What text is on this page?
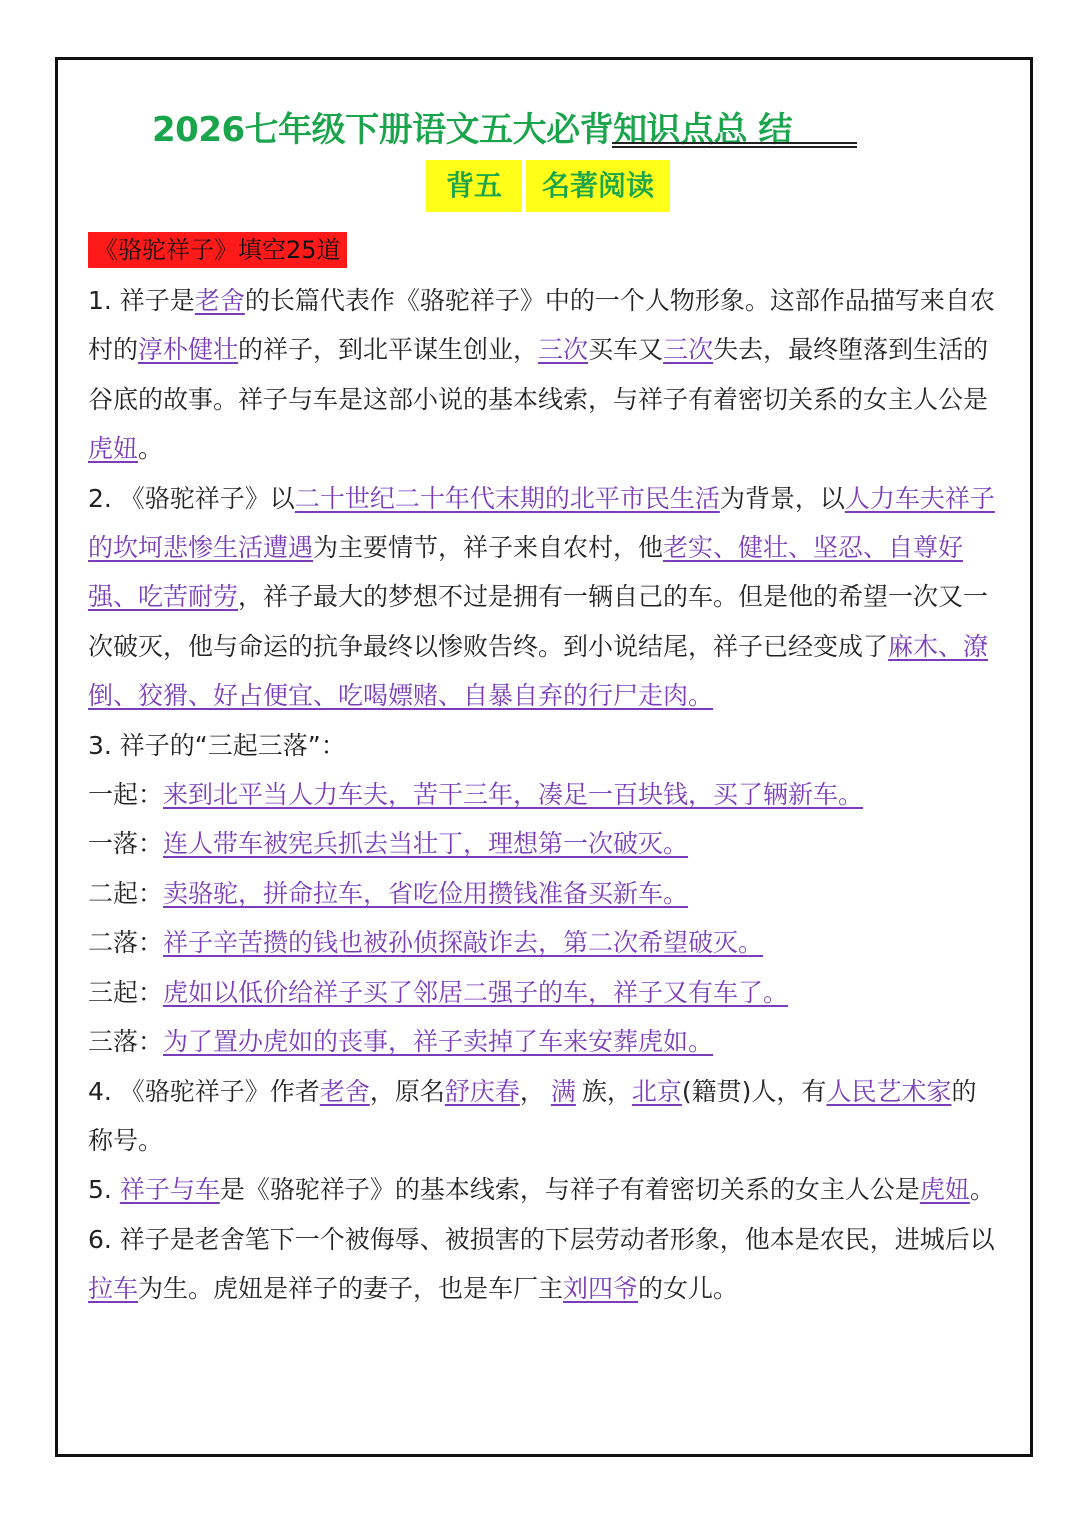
2026七年级下册语文五大必背知识点总 结
背五	名著阅读
《骆驼祥子》填空25道

1. 祥子是老舍的长篇代表作《骆驼祥子》中的一个人物形象。这部作品描写来自农村的淳朴健壮的祥子，到北平谋生创业，三次买车又三次失去，最终堕落到生活的谷底的故事。祥子与车是这部小说的基本线索，与祥子有着密切关系的女主人公是虎妞。

2. 《骆驼祥子》以二十世纪二十年代末期的北平市民生活为背景，以人力车夫祥子的坎坷悲惨生活遭遇为主要情节，祥子来自农村，他老实、健壮、坚忍、自尊好强、吃苦耐劳，祥子最大的梦想不过是拥有一辆自己的车。但是他的希望一次又一次破灭，他与命运的抗争最终以惨败告终。到小说结尾，祥子已经变成了麻木、潦倒、狡猾、好占便宜、吃喝嫖赌、自暴自弃的行尸走肉。

3. 祥子的“三起三落”：

一起：来到北平当人力车夫，苦干三年，凑足一百块钱，买了辆新车。

一落：连人带车被宪兵抓去当壮丁，理想第一次破灭。

二起：卖骆驼，拼命拉车，省吃俭用攒钱准备买新车。

二落：祥子辛苦攒的钱也被孙侦探敲诈去，第二次希望破灭。

三起：虎如以低价给祥子买了邻居二强子的车，祥子又有车了。

三落：为了置办虎如的丧事，祥子卖掉了车来安葬虎如。

4. 《骆驼祥子》作者老舍，原名舒庆春， 满 族，北京(籍贯)人，有人民艺术家的称号。

5. 祥子与车是《骆驼祥子》的基本线索，与祥子有着密切关系的女主人公是虎妞。

6. 祥子是老舍笔下一个被侮辱、被损害的下层劳动者形象，他本是农民，进城后以拉车为生。虎妞是祥子的妻子，也是车厂主刘四爷的女儿。
